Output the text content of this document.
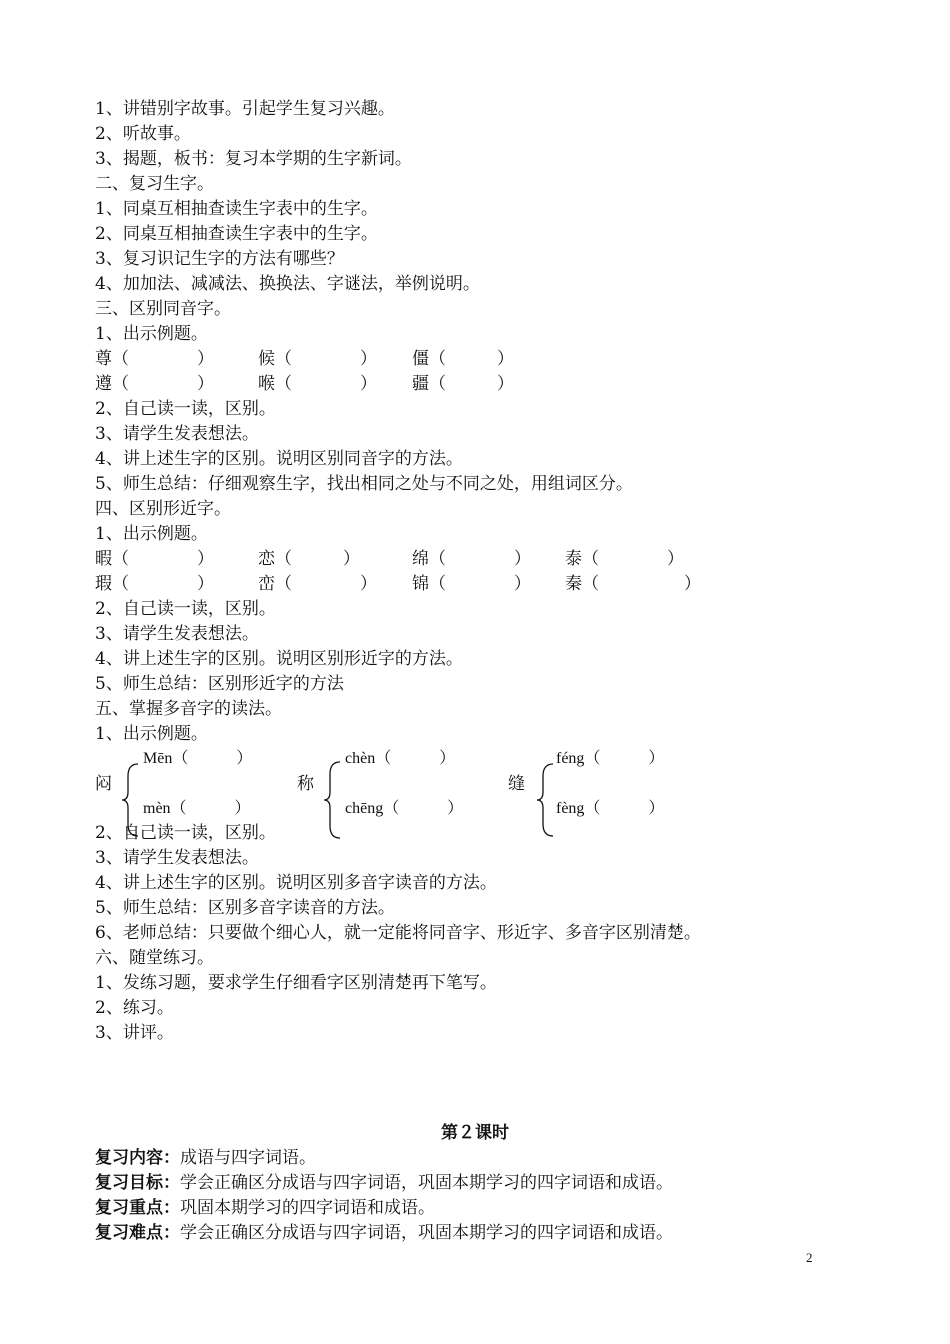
1、讲错别字故事。引起学生复习兴趣。
2、听故事。
3、揭题，板书：复习本学期的生字新词。
二、复习生字。
1、同桌互相抽查读生字表中的生字。
2、同桌互相抽查读生字表中的生字。
3、复习识记生字的方法有哪些？
4、加加法、减减法、换换法、字谜法，举例说明。
三、区别同音字。
1、出示例题。
尊（　　　　）	候（　　　　） 僵（　　　）
遵（　　　　）	喉（　　　　） 疆（　　　）
2、自己读一读，区别。
3、请学生发表想法。
4、讲上述生字的区别。说明区别同音字的方法。
5、师生总结：仔细观察生字，找出相同之处与不同之处，用组词区分。
四、区别形近字。
1、出示例题。
暇（　　　　）	恋（　　　）	绵（　　　　） 泰（　　　　）
瑕（　　　　）	峦（　　　　） 锦（　　　　） 秦（　　　　　）
2、自己读一读，区别。
3、请学生发表想法。
4、讲上述生字的区别。说明区别形近字的方法。
5、师生总结：区别形近字的方法
五、掌握多音字的读法。
1、出示例题。
闷
Mēn（　　　）
mèn（　　　）
称
chèn（　　　）
chēng（　　　）
缝
féng（　　　）
fèng（　　　）
2、自己读一读，区别。
3、请学生发表想法。
4、讲上述生字的区别。说明区别多音字读音的方法。
5、师生总结：区别多音字读音的方法。
6、老师总结：只要做个细心人，就一定能将同音字、形近字、多音字区别清楚。
六、随堂练习。
1、发练习题，要求学生仔细看字区别清楚再下笔写。
2、练习。
3、讲评。
第２课时
复习内容：成语与四字词语。
复习目标：学会正确区分成语与四字词语，巩固本期学习的四字词语和成语。
复习重点：巩固本期学习的四字词语和成语。
复习难点：学会正确区分成语与四字词语，巩固本期学习的四字词语和成语。
2
